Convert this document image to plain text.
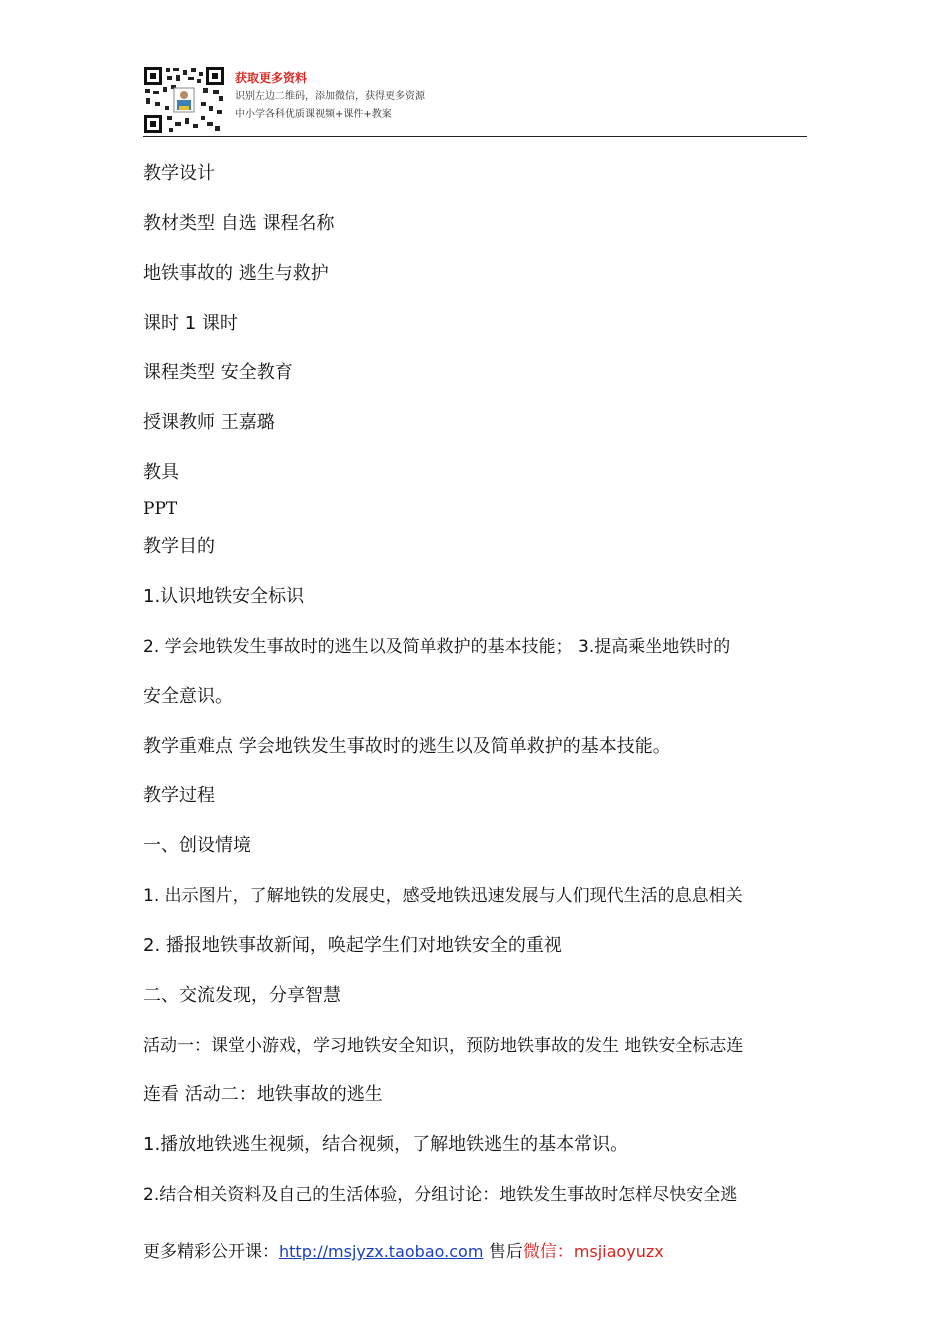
获取更多资料
识别左边二维码，添加微信，获得更多资源
中小学各科优质课视频+课件+教案
教学设计
教材类型 自选 课程名称
地铁事故的 逃生与救护
课时 1 课时
课程类型 安全教育
授课教师 王嘉璐
教具
PPT
教学目的
1.认识地铁安全标识
2. 学会地铁发生事故时的逃生以及简单救护的基本技能； 3.提高乘坐地铁时的
安全意识。
教学重难点 学会地铁发生事故时的逃生以及简单救护的基本技能。
教学过程
一、创设情境
1. 出示图片，了解地铁的发展史，感受地铁迅速发展与人们现代生活的息息相关
2. 播报地铁事故新闻，唤起学生们对地铁安全的重视
二、交流发现，分享智慧
活动一：课堂小游戏，学习地铁安全知识，预防地铁事故的发生 地铁安全标志连
连看 活动二：地铁事故的逃生
1.播放地铁逃生视频，结合视频，了解地铁逃生的基本常识。
2.结合相关资料及自己的生活体验，分组讨论：地铁发生事故时怎样尽快安全逃
更多精彩公开课：http://msjyzx.taobao.com 售后微信：msjiaoyuzx
